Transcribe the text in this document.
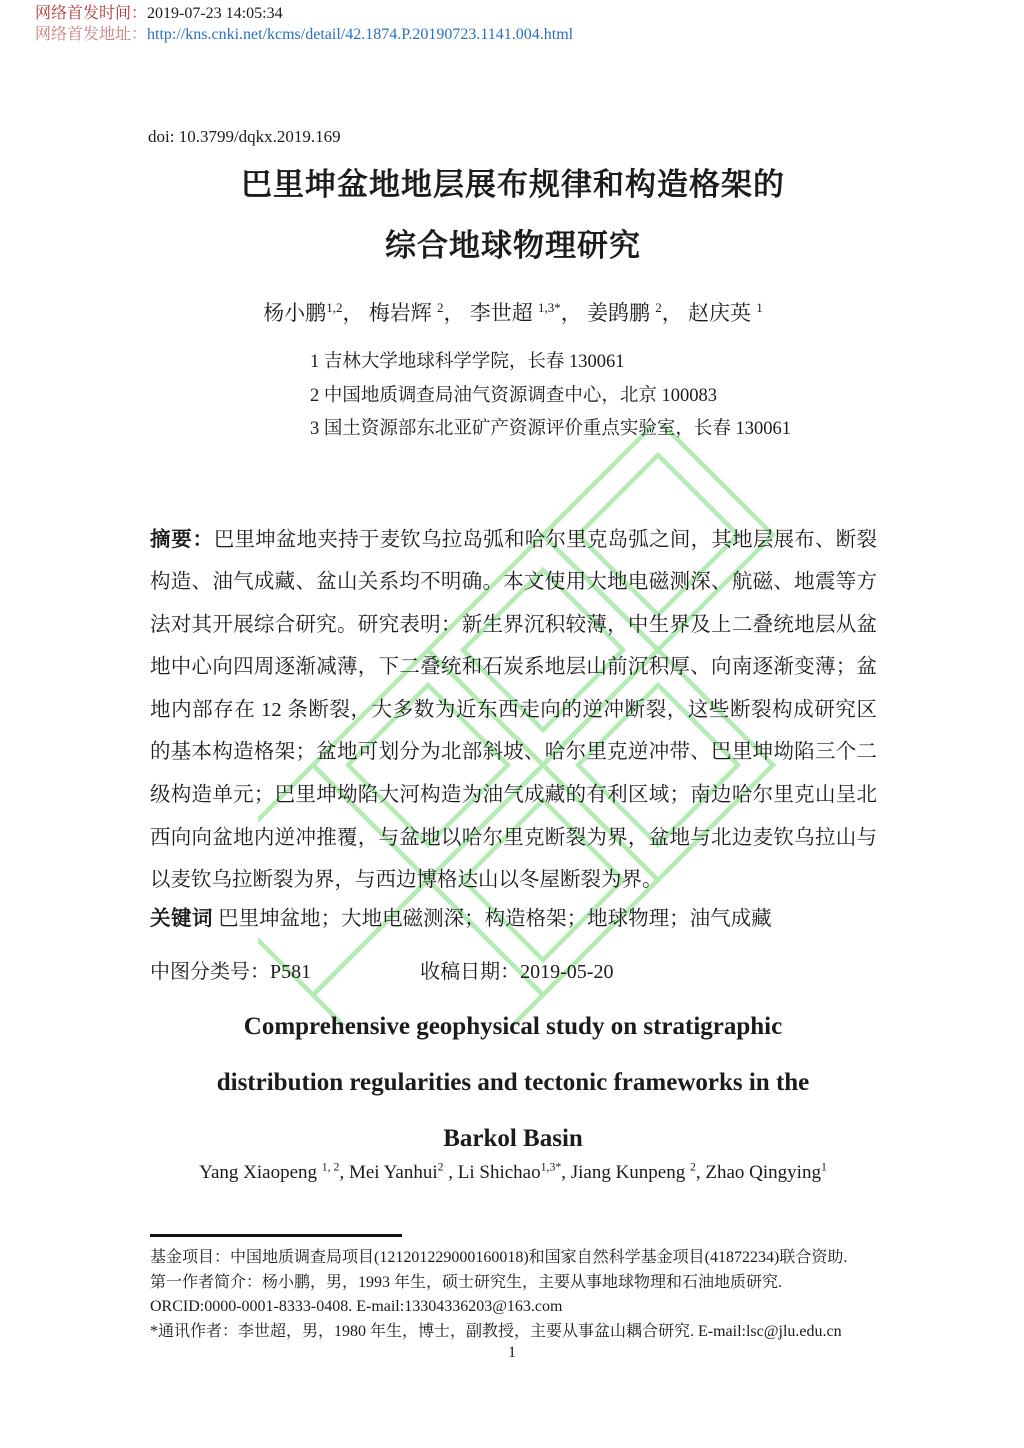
网络首发时间：2019-07-23 14:05:34
网络首发地址：http://kns.cnki.net/kcms/detail/42.1874.P.20190723.1141.004.html
doi: 10.3799/dqkx.2019.169
巴里坤盆地地层展布规律和构造格架的
综合地球物理研究
杨小鹏$^{1,2}$， 梅岩辉 $^2$， 李世超 $^{1,3*}$， 姜鹍鹏 $^2$， 赵庆英 $^1$
1 吉林大学地球科学学院，长春 130061
2 中国地质调查局油气资源调查中心，北京 100083
3 国土资源部东北亚矿产资源评价重点实验室，长春 130061

摘要：巴里坤盆地夹持于麦钦乌拉岛弧和哈尔里克岛弧之间，其地层展布、断裂构造、油气成藏、盆山关系均不明确。本文使用大地电磁测深、航磁、地震等方法对其开展综合研究。研究表明：新生界沉积较薄，中生界及上二叠统地层从盆地中心向四周逐渐减薄，下二叠统和石炭系地层山前沉积厚、向南逐渐变薄；盆地内部存在 12 条断裂，大多数为近东西走向的逆冲断裂，这些断裂构成研究区的基本构造格架；盆地可划分为北部斜坡、哈尔里克逆冲带、巴里坤坳陷三个二级构造单元；巴里坤坳陷大河构造为油气成藏的有利区域；南边哈尔里克山呈北西向向盆地内逆冲推覆，与盆地以哈尔里克断裂为界，盆地与北边麦钦乌拉山与以麦钦乌拉断裂为界，与西边博格达山以冬屋断裂为界。

关键词 巴里坤盆地；大地电磁测深；构造格架；地球物理；油气成藏
中图分类号：P581	收稿日期：2019-05-20
Comprehensive geophysical study on stratigraphic
distribution regularities and tectonic frameworks in the
Barkol Basin
Yang Xiaopeng $^{1, 2}$, Mei Yanhui$^2$ , Li Shichao$^{1,3*}$, Jiang Kunpeng $^2$, Zhao Qingying$^1$
基金项目：中国地质调查局项目(121201229000160018)和国家自然科学基金项目(41872234)联合资助.
第一作者简介：杨小鹏，男，1993 年生，硕士研究生，主要从事地球物理和石油地质研究.
ORCID:0000-0001-8333-0408. E-mail:13304336203@163.com
*通讯作者：李世超，男，1980 年生，博士，副教授，主要从事盆山耦合研究. E-mail:lsc@jlu.edu.cn
1
